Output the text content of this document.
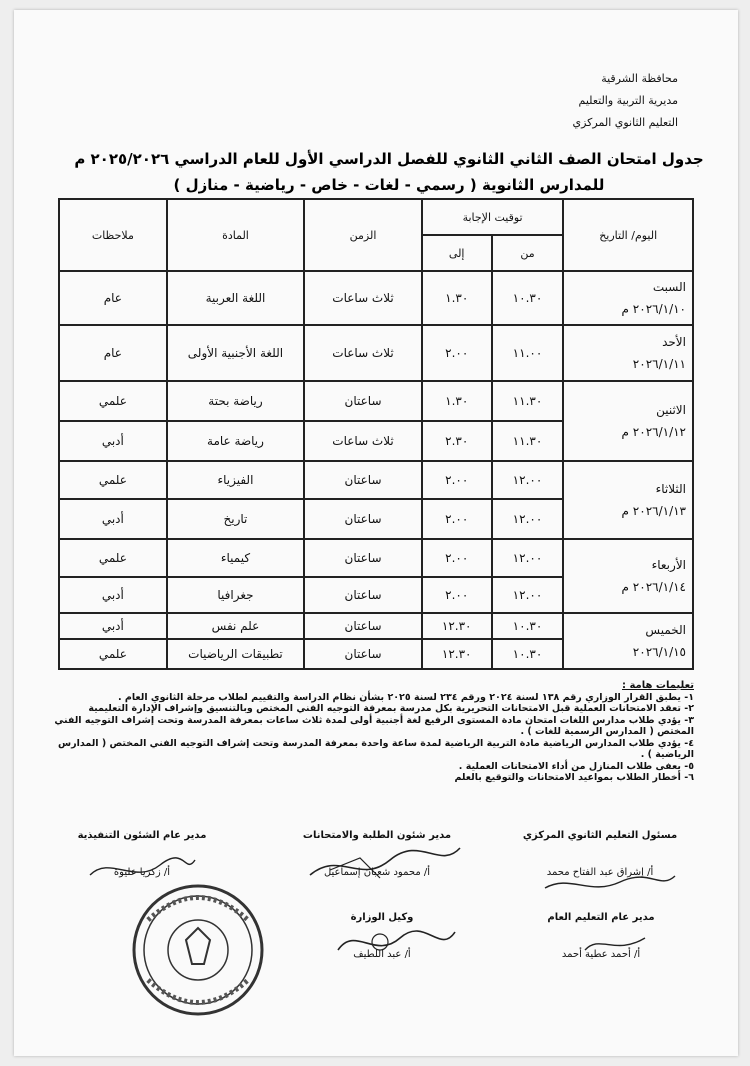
محافظة الشرقية
مديرية التربية والتعليم
التعليم الثانوي المركزي
جدول امتحان الصف الثاني الثانوي للفصل الدراسي الأول للعام الدراسي ٢٠٢٥/٢٠٢٦ م
للمدارس الثانوية ( رسمي - لغات - خاص - رياضية - منازل )
اليوم/ التاريخ	توقيت الإجابة		الزمن	المادة	ملاحظات
	من	إلى			

السبت
٢٠٢٦/١/١٠ م	١٠.٣٠	١.٣٠	ثلاث ساعات	اللغة العربية	عام

الأحد
٢٠٢٦/١/١١	١١.٠٠	٢.٠٠	ثلاث ساعات	اللغة الأجنبية الأولى	عام

الاثنين
٢٠٢٦/١/١٢ م	١١.٣٠	١.٣٠	ساعتان	رياضة بحتة	علمي
	١١.٣٠	٢.٣٠	ثلاث ساعات	رياضة عامة	أدبي

الثلاثاء
٢٠٢٦/١/١٣ م	١٢.٠٠	٢.٠٠	ساعتان	الفيزياء	علمي
	١٢.٠٠	٢.٠٠	ساعتان	تاريخ	أدبي

الأربعاء
٢٠٢٦/١/١٤ م	١٢.٠٠	٢.٠٠	ساعتان	كيمياء	علمي
	١٢.٠٠	٢.٠٠	ساعتان	جغرافيا	أدبي

الخميس
٢٠٢٦/١/١٥	١٠.٣٠	١٢.٣٠	ساعتان	علم نفس	أدبي
	١٠.٣٠	١٢.٣٠	ساعتان	تطبيقات الرياضيات	علمي
تعليمات هامة :
١- يطبق القرار الوزاري رقم ١٣٨ لسنة ٢٠٢٤ ورقم ٢٣٤ لسنة ٢٠٢٥ بشأن نظام الدراسة والتقييم لطلاب مرحلة الثانوي العام .
٢- تعقد الامتحانات العملية قبل الامتحانات التحريرية بكل مدرسة بمعرفة التوجيه الفني المختص وبالتنسيق وإشراف الإدارة التعليمية
٣- يؤدي طلاب مدارس اللغات امتحان مادة المستوى الرفيع لغة أجنبية أولى لمدة ثلاث ساعات بمعرفة المدرسة وتحت إشراف التوجيه الفني المختص ( المدارس الرسمية للغات ) .
٤- يؤدي طلاب المدارس الرياضية مادة التربية الرياضية لمدة ساعة واحدة بمعرفة المدرسة وتحت إشراف التوجيه الفني المختص ( المدارس الرياضية ) .
٥- يعفى طلاب المنازل من أداء الامتحانات العملية .
٦- أخطار الطلاب بمواعيد الامتحانات والتوقيع بالعلم
مسئول التعليم الثانوي المركزي
أ/ إشراق عبد الفتاح محمد
مدير شئون الطلبة والامتحانات
أ/ محمود شعبان إسماعيل
مدير عام الشئون التنفيذية
أ/ زكريا عليوة
مدير عام التعليم العام
أ/ أحمد عطية أحمد
وكيل الوزارة
أ/ عبد اللطيف
